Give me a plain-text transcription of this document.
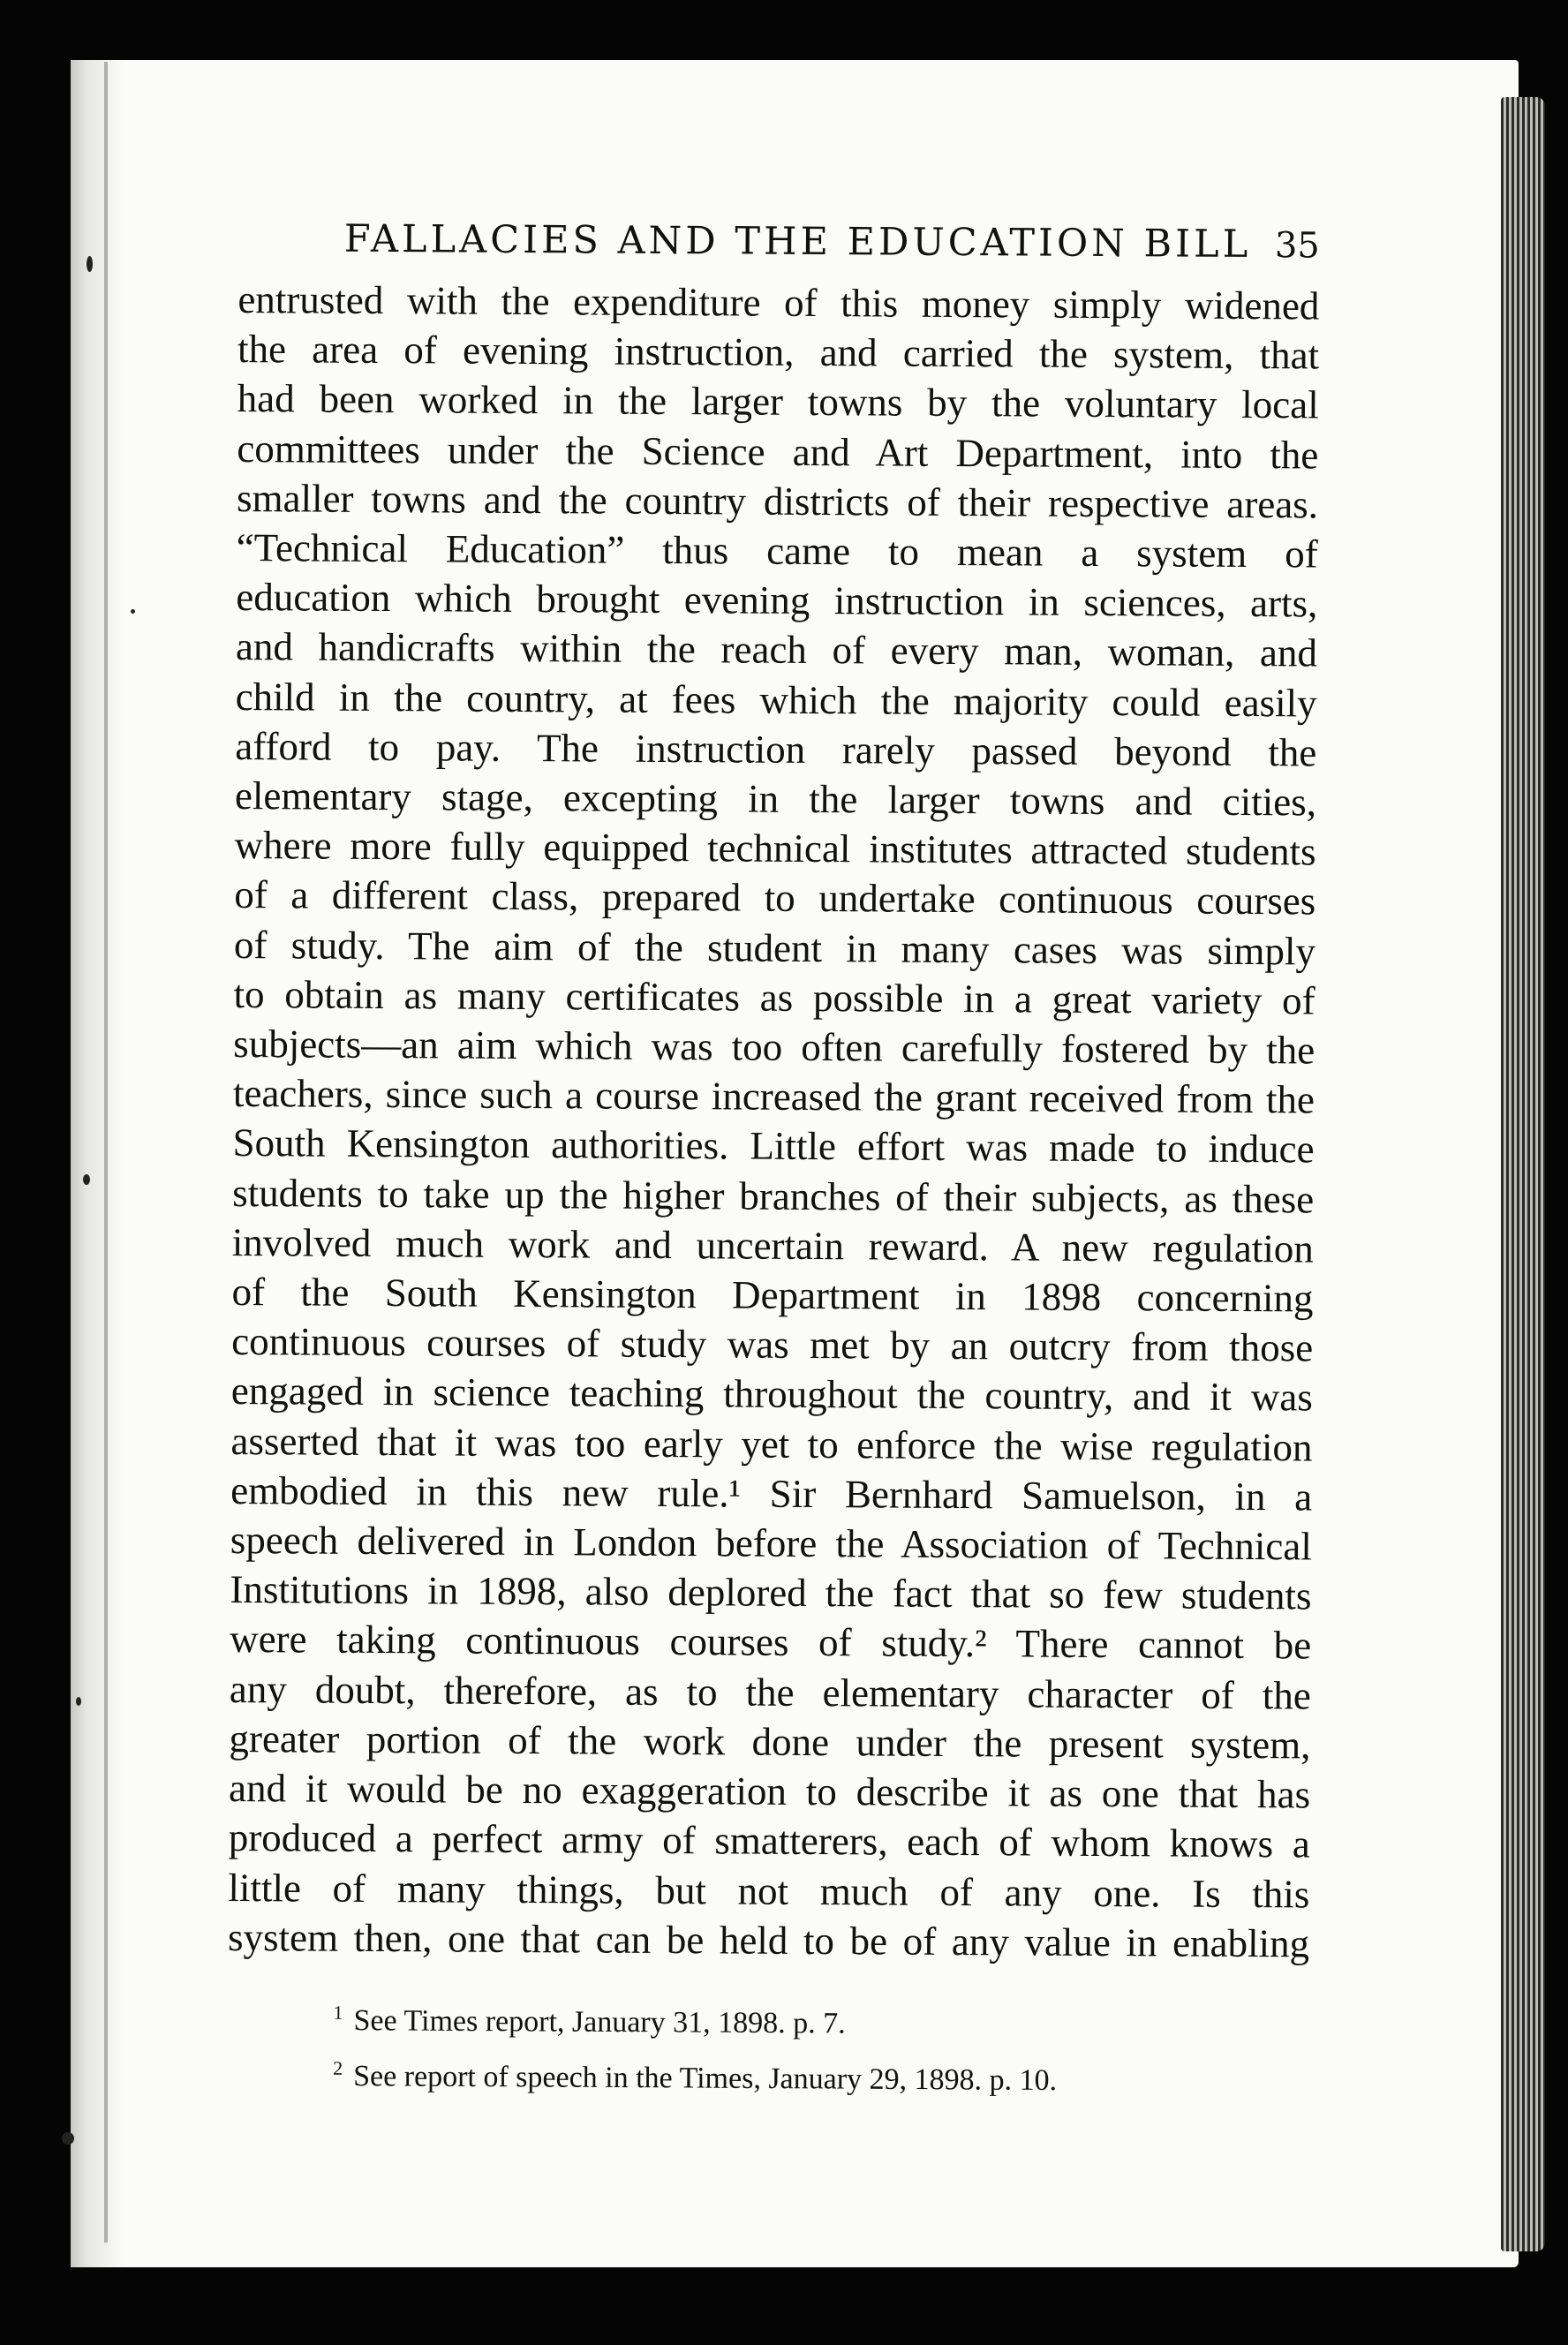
FALLACIES AND THE EDUCATION BILL 35
entrusted with the expenditure of this money simply widened
the area of evening instruction, and carried the system, that
had been worked in the larger towns by the voluntary local
committees under the Science and Art Department, into the
smaller towns and the country districts of their respective areas.
“Technical Education” thus came to mean a system of
education which brought evening instruction in sciences, arts,
and handicrafts within the reach of every man, woman, and
child in the country, at fees which the majority could easily
afford to pay. The instruction rarely passed beyond the
elementary stage, excepting in the larger towns and cities,
where more fully equipped technical institutes attracted students
of a different class, prepared to undertake continuous courses
of study. The aim of the student in many cases was simply
to obtain as many certificates as possible in a great variety of
subjects—an aim which was too often carefully fostered by the
teachers, since such a course increased the grant received from the
South Kensington authorities. Little effort was made to induce
students to take up the higher branches of their subjects, as these
involved much work and uncertain reward. A new regulation
of the South Kensington Department in 1898 concerning
continuous courses of study was met by an outcry from those
engaged in science teaching throughout the country, and it was
asserted that it was too early yet to enforce the wise regulation
embodied in this new rule.¹ Sir Bernhard Samuelson, in a
speech delivered in London before the Association of Technical
Institutions in 1898, also deplored the fact that so few students
were taking continuous courses of study.² There cannot be
any doubt, therefore, as to the elementary character of the
greater portion of the work done under the present system,
and it would be no exaggeration to describe it as one that has
produced a perfect army of smatterers, each of whom knows a
little of many things, but not much of any one. Is this
system then, one that can be held to be of any value in enabling
$^1$ See Times report, January 31, 1898. p. 7.
$^2$ See report of speech in the Times, January 29, 1898. p. 10.
